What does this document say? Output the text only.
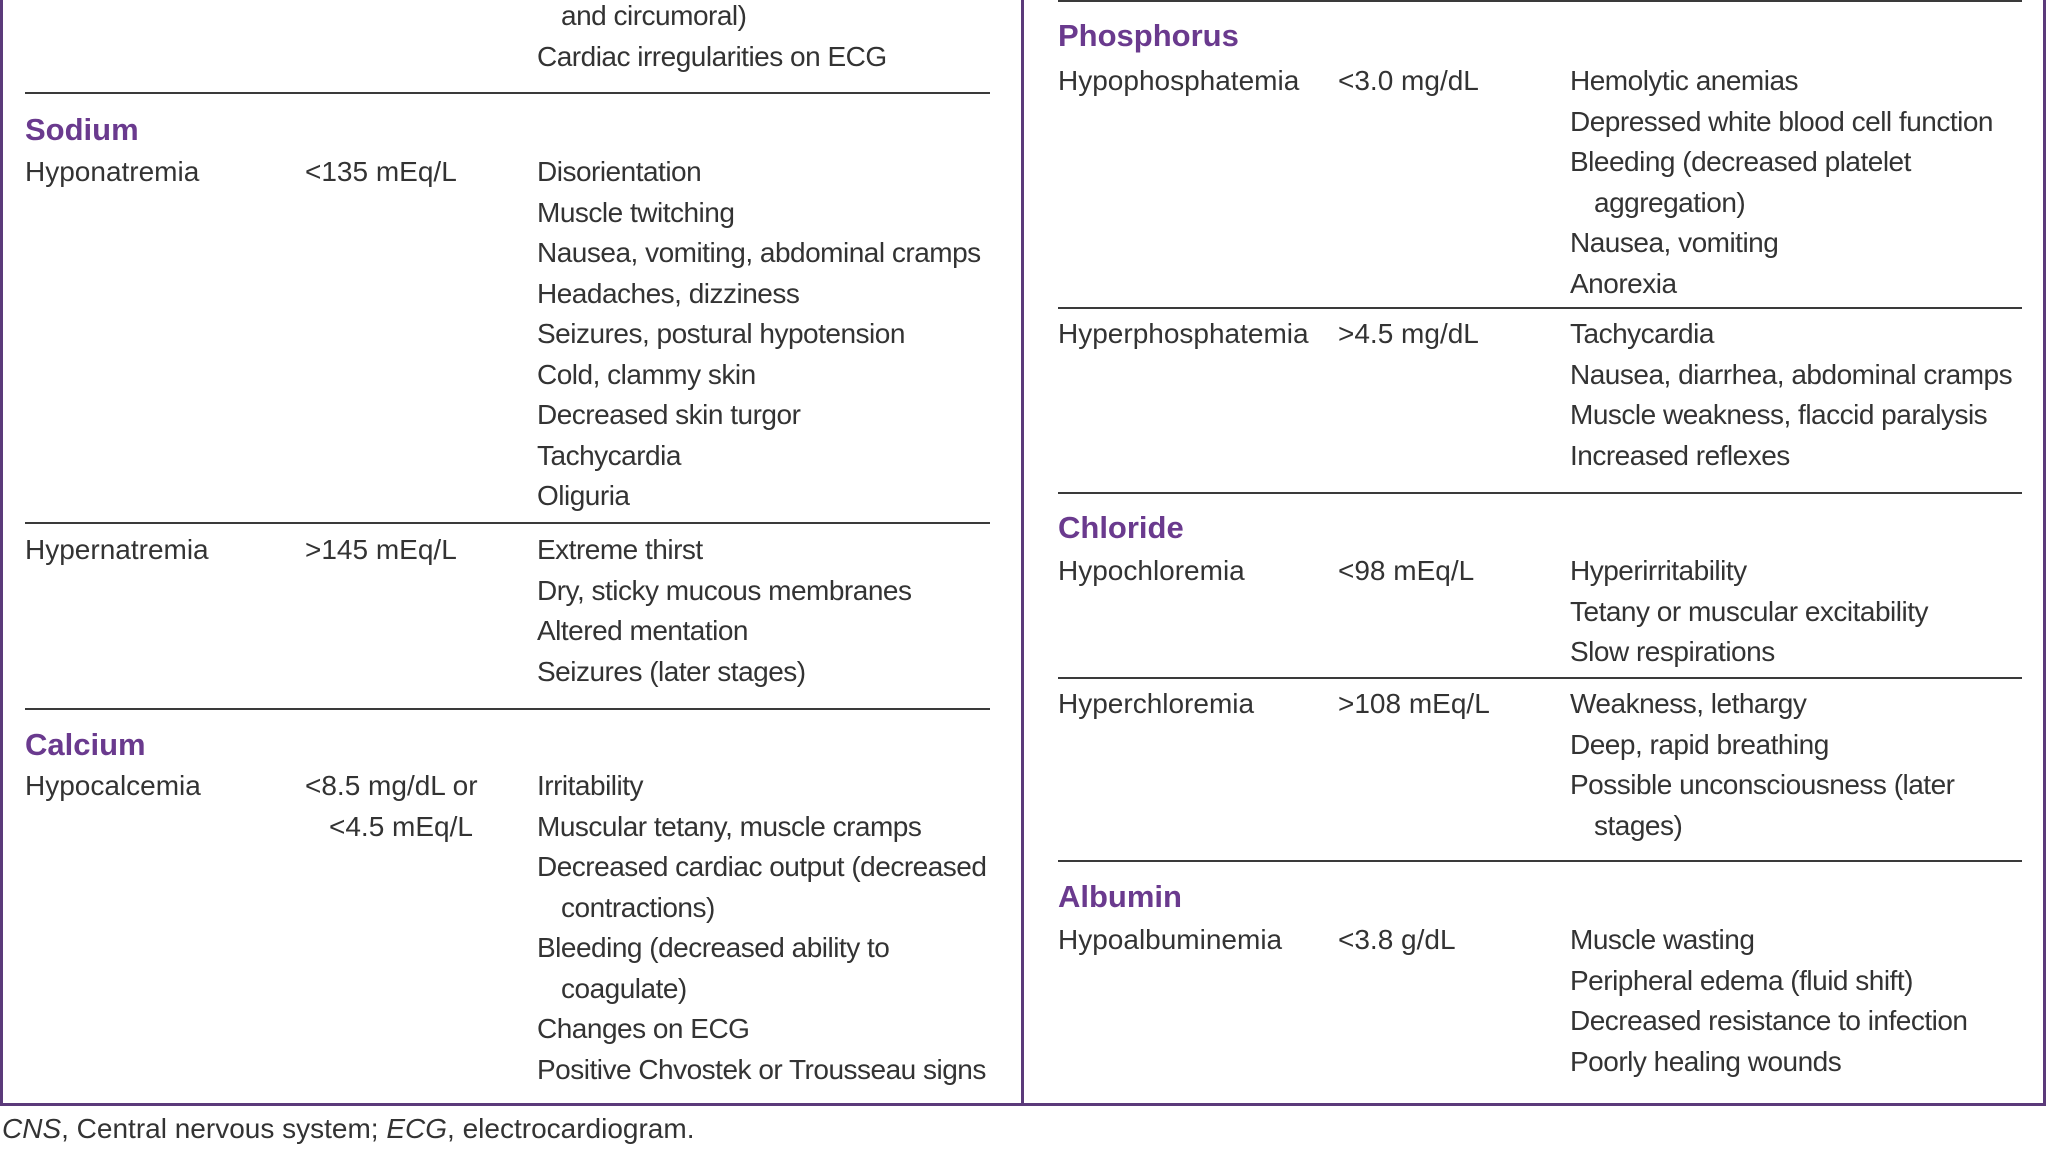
and circumoral)
Cardiac irregularities on ECG
Sodium
Hyponatremia	<135 mEq/L	Disorientation
Muscle twitching
Nausea, vomiting, abdominal cramps
Headaches, dizziness
Seizures, postural hypotension
Cold, clammy skin
Decreased skin turgor
Tachycardia
Oliguria
Hypernatremia	>145 mEq/L	Extreme thirst
Dry, sticky mucous membranes
Altered mentation
Seizures (later stages)
Calcium
Hypocalcemia	<8.5 mg/dL or
<4.5 mEq/L
Irritability
Muscular tetany, muscle cramps
Decreased cardiac output (decreased
contractions)
Bleeding (decreased ability to
coagulate)
Changes on ECG
Positive Chvostek or Trousseau signs
Phosphorus
Hypophosphatemia <3.0 mg/dL	Hemolytic anemias
Depressed white blood cell function
Bleeding (decreased platelet
aggregation)
Nausea, vomiting
Anorexia
Hyperphosphatemia >4.5 mg/dL	Tachycardia
Nausea, diarrhea, abdominal cramps
Muscle weakness, flaccid paralysis
Increased reflexes
Chloride
Hypochloremia	<98 mEq/L	Hyperirritability
Tetany or muscular excitability
Slow respirations
Hyperchloremia	>108 mEq/L	Weakness, lethargy
Deep, rapid breathing
Possible unconsciousness (later
stages)
Albumin
Hypoalbuminemia <3.8 g/dL	Muscle wasting
Peripheral edema (fluid shift)
Decreased resistance to infection
Poorly healing wounds
CNS, Central nervous system; ECG, electrocardiogram.
